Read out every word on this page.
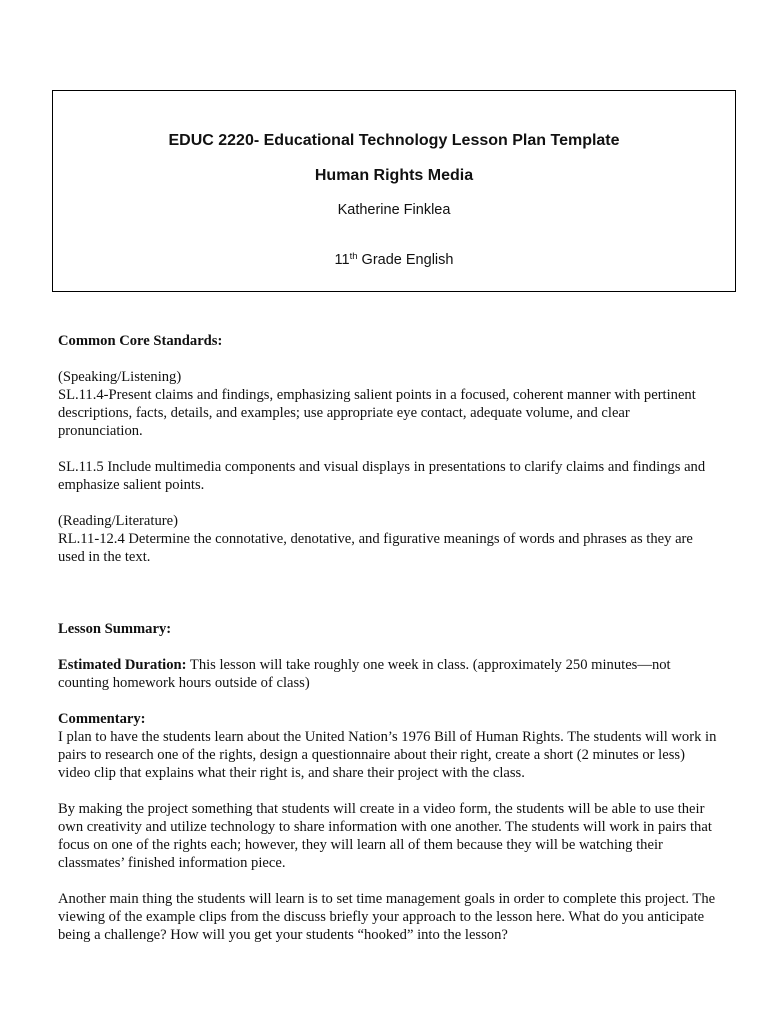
EDUC 2220- Educational Technology Lesson Plan Template

Human Rights Media

Katherine Finklea

11th Grade English

Common Core Standards:

(Speaking/Listening)

SL.11.4-Present claims and findings, emphasizing salient points in a focused, coherent manner with pertinent descriptions, facts, details, and examples; use appropriate eye contact, adequate volume, and clear pronunciation.

SL.11.5 Include multimedia components and visual displays in presentations to clarify claims and findings and emphasize salient points.

(Reading/Literature)

RL.11-12.4 Determine the connotative, denotative, and figurative meanings of words and phrases as they are used in the text.

Lesson Summary:

Estimated Duration: This lesson will take roughly one week in class. (approximately 250 minutes—not counting homework hours outside of class)

Commentary:

I plan to have the students learn about the United Nation’s 1976 Bill of Human Rights. The students will work in pairs to research one of the rights, design a questionnaire about their right, create a short (2 minutes or less) video clip that explains what their right is, and share their project with the class.

By making the project something that students will create in a video form, the students will be able to use their own creativity and utilize technology to share information with one another. The students will work in pairs that focus on one of the rights each; however, they will learn all of them because they will be watching their classmates’ finished information piece.

Another main thing the students will learn is to set time management goals in order to complete this project. The viewing of the example clips from the discuss briefly your approach to the lesson here. What do you anticipate being a challenge? How will you get your students “hooked” into the lesson?
